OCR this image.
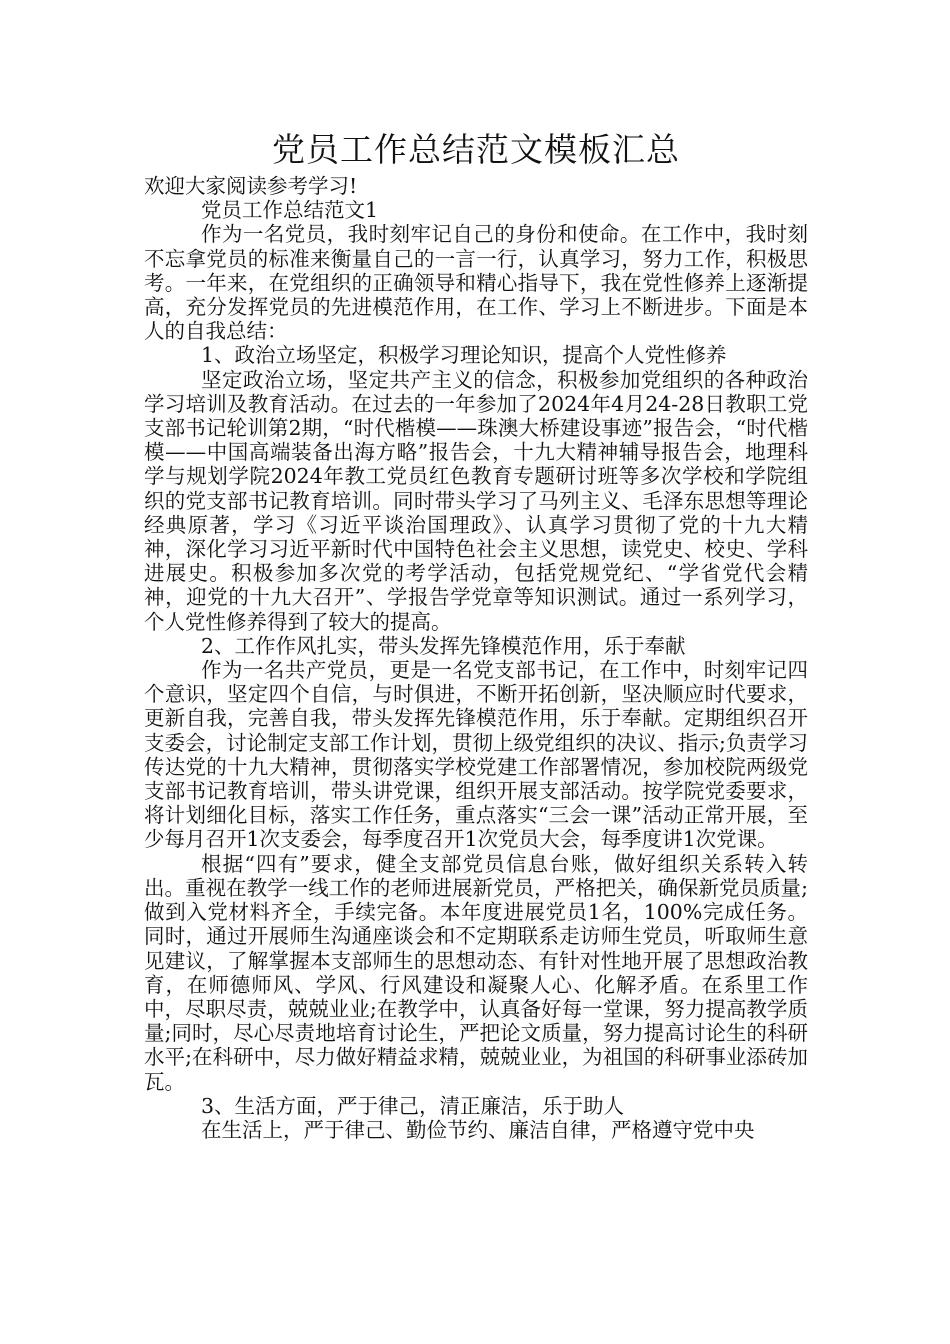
党员工作总结范文模板汇总

欢迎大家阅读参考学习!

党员工作总结范文1

作为一名党员，我时刻牢记自己的身份和使命。在工作中，我时刻不忘拿党员的标准来衡量自己的一言一行，认真学习，努力工作，积极思考。一年来，在党组织的正确领导和精心指导下，我在党性修养上逐渐提高，充分发挥党员的先进模范作用，在工作、学习上不断进步。下面是本人的自我总结：

1、政治立场坚定，积极学习理论知识，提高个人党性修养

坚定政治立场，坚定共产主义的信念，积极参加党组织的各种政治学习培训及教育活动。在过去的一年参加了2024年4月24-28日教职工党支部书记轮训第2期，“时代楷模——珠澳大桥建设事迹”报告会，“时代楷模——中国高端装备出海方略”报告会，十九大精神辅导报告会，地理科学与规划学院2024年教工党员红色教育专题研讨班等多次学校和学院组织的党支部书记教育培训。同时带头学习了马列主义、毛泽东思想等理论经典原著，学习《习近平谈治国理政》、认真学习贯彻了党的十九大精神，深化学习习近平新时代中国特色社会主义思想，读党史、校史、学科进展史。积极参加多次党的考学活动，包括党规党纪、“学省党代会精神，迎党的十九大召开”、学报告学党章等知识测试。通过一系列学习，个人党性修养得到了较大的提高。

2、工作作风扎实，带头发挥先锋模范作用，乐于奉献

作为一名共产党员，更是一名党支部书记，在工作中，时刻牢记四个意识，坚定四个自信，与时俱进，不断开拓创新，坚决顺应时代要求，更新自我，完善自我，带头发挥先锋模范作用，乐于奉献。定期组织召开支委会，讨论制定支部工作计划，贯彻上级党组织的决议、指示;负责学习传达党的十九大精神，贯彻落实学校党建工作部署情况，参加校院两级党支部书记教育培训，带头讲党课，组织开展支部活动。按学院党委要求，将计划细化目标，落实工作任务，重点落实“三会一课”活动正常开展，至少每月召开1次支委会，每季度召开1次党员大会，每季度讲1次党课。

根据“四有”要求，健全支部党员信息台账，做好组织关系转入转出。重视在教学一线工作的老师进展新党员，严格把关，确保新党员质量;做到入党材料齐全，手续完备。本年度进展党员1名，100%完成任务。同时，通过开展师生沟通座谈会和不定期联系走访师生党员，听取师生意见建议，了解掌握本支部师生的思想动态、有针对性地开展了思想政治教育，在师德师风、学风、行风建设和凝聚人心、化解矛盾。在系里工作中，尽职尽责，兢兢业业;在教学中，认真备好每一堂课，努力提高教学质量;同时，尽心尽责地培育讨论生，严把论文质量，努力提高讨论生的科研水平;在科研中，尽力做好精益求精，兢兢业业，为祖国的科研事业添砖加瓦。

3、生活方面，严于律己，清正廉洁，乐于助人

在生活上，严于律己、勤俭节约、廉洁自律，严格遵守党中央
